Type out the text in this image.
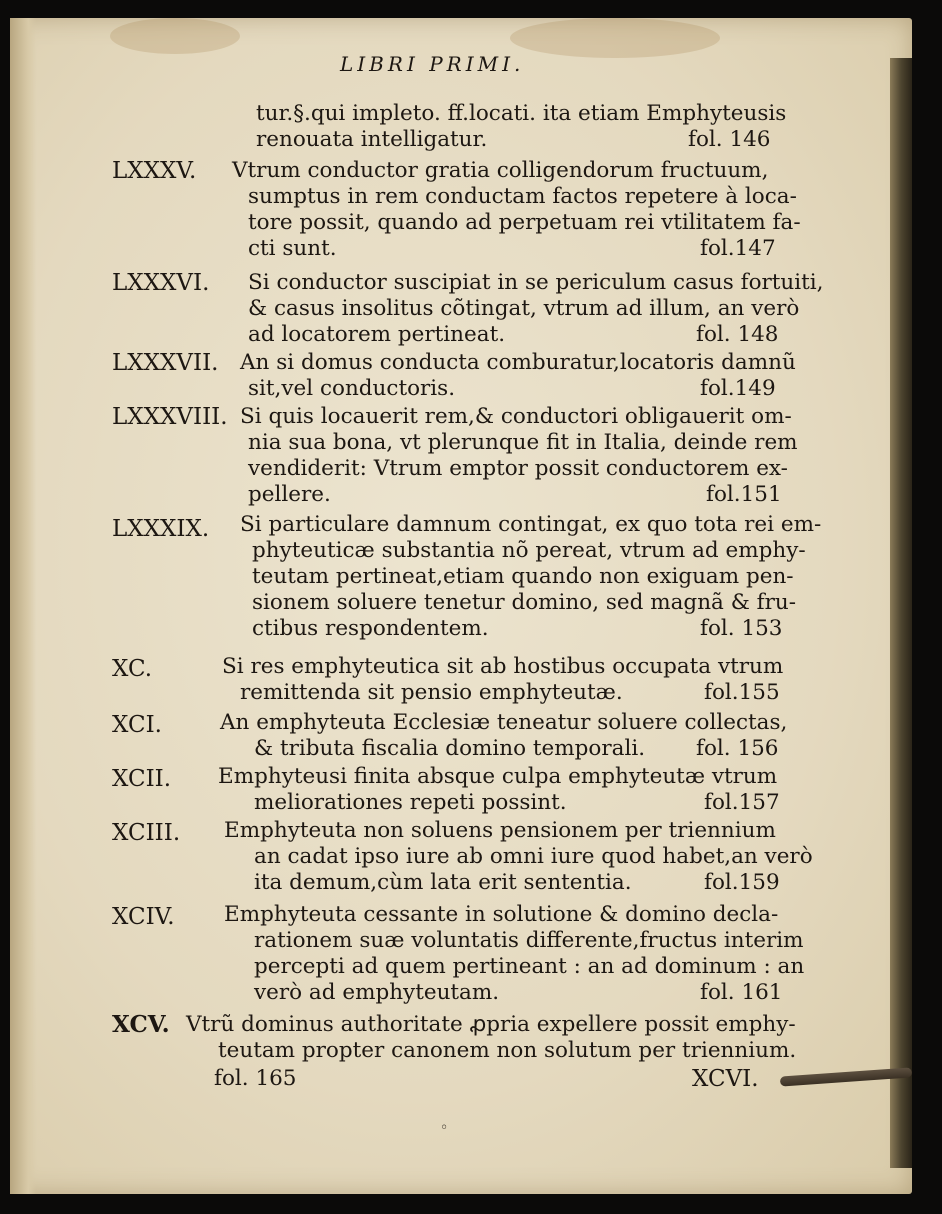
LIBRI PRIMI.
tur.§.qui impleto. ff.locati. ita etiam Emphyteusis
renouata intelligatur.	fol. 146
LXXXV. Vtrum conductor gratia colligendorum fructuum,
sumptus in rem conductam factos repetere à loca-
tore possit, quando ad perpetuam rei vtilitatem fa-
cti sunt.	fol.147
LXXXVI. Si conductor suscipiat in se periculum casus fortuiti,
& casus insolitus cõtingat, vtrum ad illum, an verò
ad locatorem pertineat.	fol. 148
LXXXVII. An si domus conducta comburatur,locatoris damnũ
sit,vel conductoris.	fol.149
LXXXVIII. Si quis locauerit rem,& conductori obligauerit om-
nia sua bona, vt plerunque fit in Italia, deinde rem
vendiderit: Vtrum emptor possit conductorem ex-
pellere.	fol.151
LXXXIX. Si particulare damnum contingat, ex quo tota rei em-
phyteuticæ substantia nõ pereat, vtrum ad emphy-
teutam pertineat,etiam quando non exiguam pen-
sionem soluere tenetur domino, sed magnã & fru-
ctibus respondentem.	fol. 153
XC.	Si res emphyteutica sit ab hostibus occupata vtrum
remittenda sit pensio emphyteutæ.	fol.155
XCI.	An emphyteuta Ecclesiæ teneatur soluere collectas,
& tributa fiscalia domino temporali. fol. 156
XCII. Emphyteusi finita absque culpa emphyteutæ vtrum
meliorationes repeti possint.	fol.157
XCIII. Emphyteuta non soluens pensionem per triennium
an cadat ipso iure ab omni iure quod habet,an verò
ita demum,cùm lata erit sententia.	fol.159
XCIV. Emphyteuta cessante in solutione & domino decla-
rationem suæ voluntatis differente,fructus interim
percepti ad quem pertineant : an ad dominum : an
verò ad emphyteutam.	fol. 161
XCV. Vtrũ dominus authoritate ꝓpria expellere possit emphy-
teutam propter canonem non solutum per triennium.
fol. 165	XCVI.
◦
